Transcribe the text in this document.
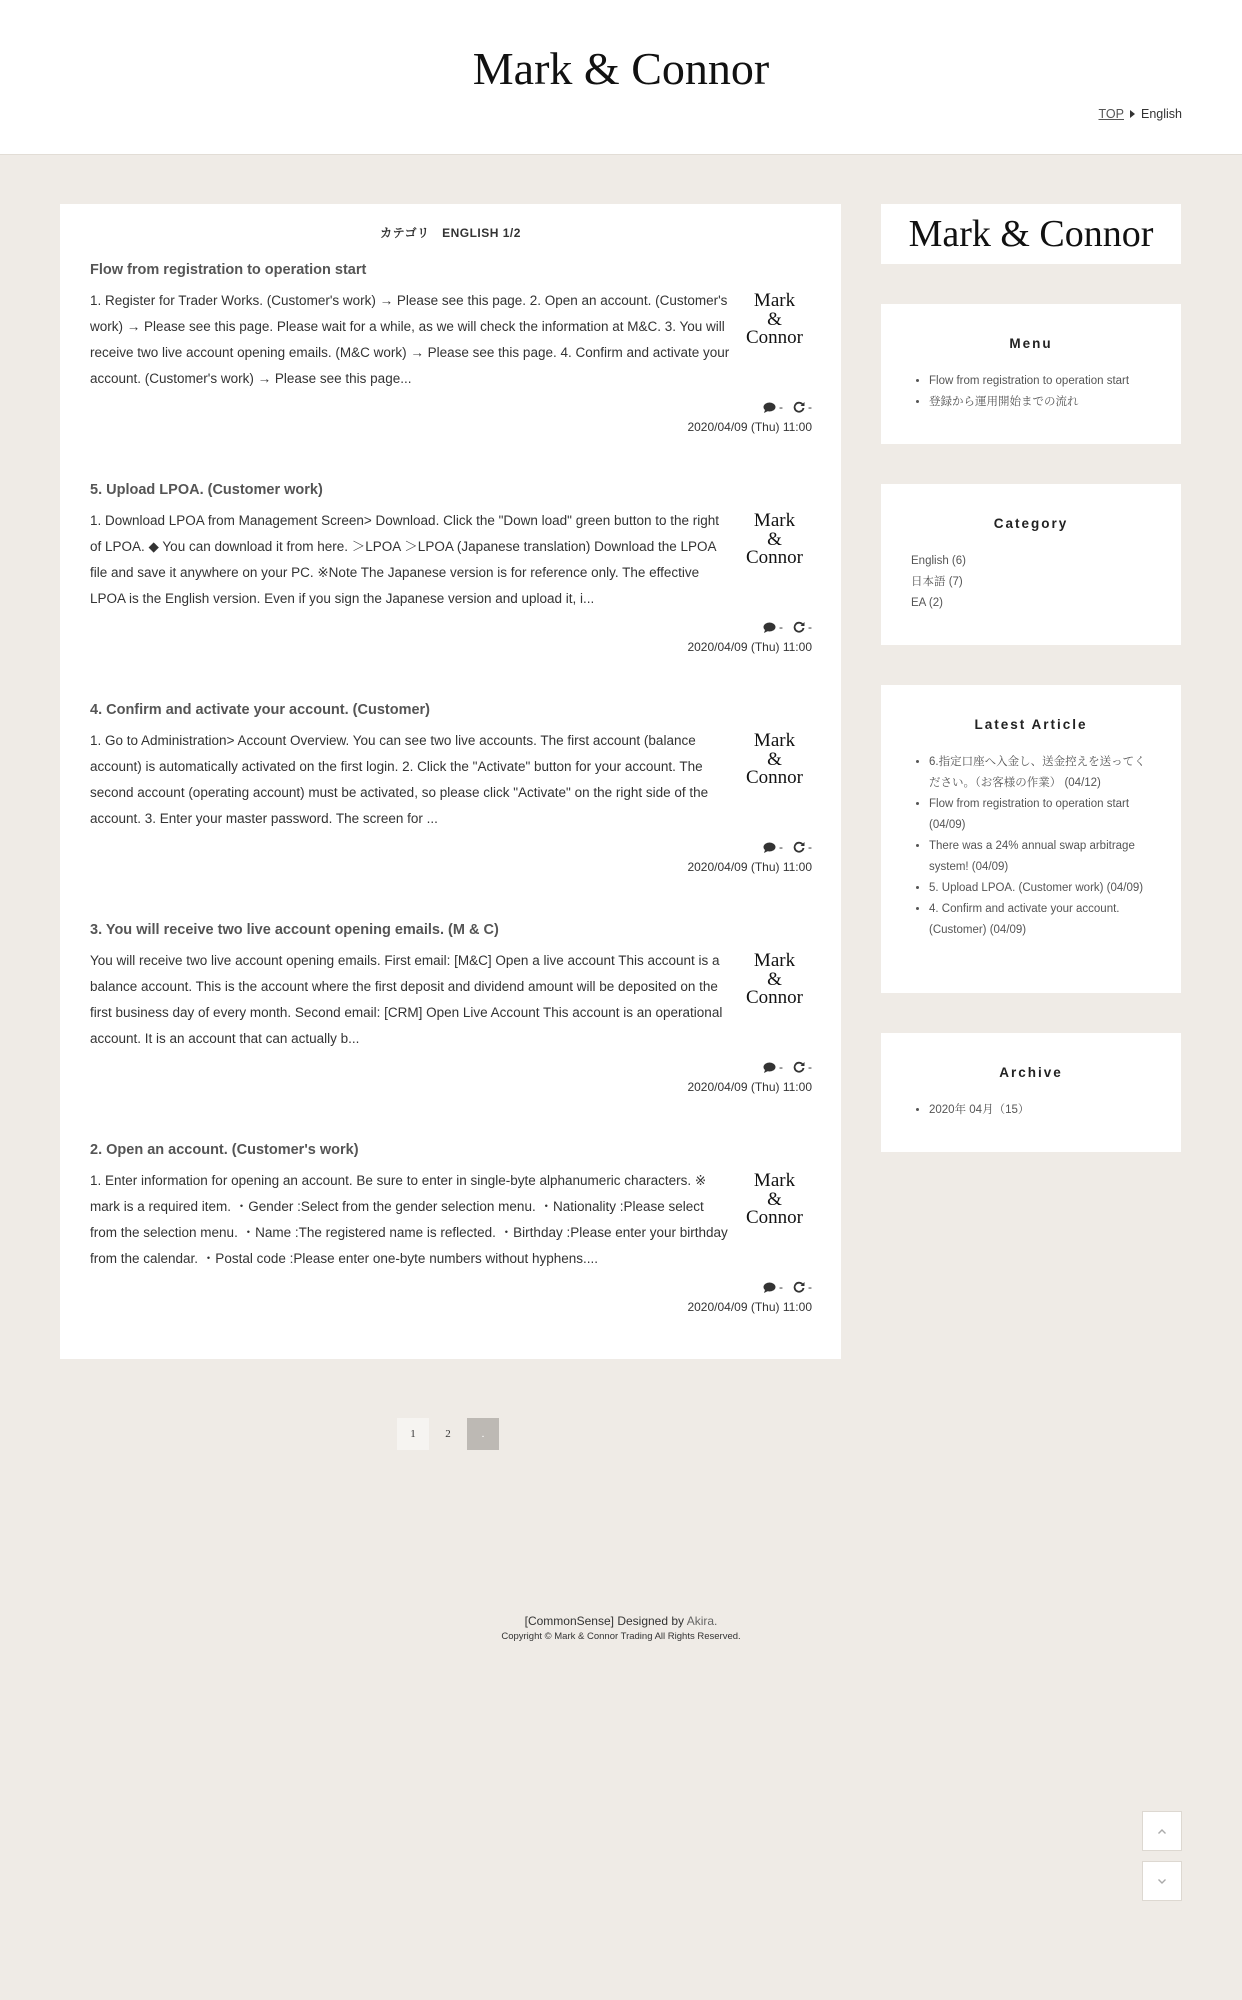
Mark & Connor
TOP English
カテゴリ　ENGLISH 1/2
Flow from registration to operation start

1. Register for Trader Works. (Customer's work) → Please see this page. 2. Open an account. (Customer's work) → Please see this page. Please wait for a while, as we will check the information at M&C. 3. You will receive two live account opening emails. (M&C work) → Please see this page. 4. Confirm and activate your account. (Customer's work) → Please see this page...

Mark
&
Connor
- -
2020/04/09 (Thu) 11:00
5. Upload LPOA. (Customer work)

1. Download LPOA from Management Screen> Download. Click the "Down load" green button to the right of LPOA. ◆ You can download it from here. ＞LPOA ＞LPOA (Japanese translation) Download the LPOA file and save it anywhere on your PC. ※Note The Japanese version is for reference only. The effective LPOA is the English version. Even if you sign the Japanese version and upload it, i...

Mark
&
Connor
- -
2020/04/09 (Thu) 11:00
4. Confirm and activate your account. (Customer)

1. Go to Administration> Account Overview. You can see two live accounts. The first account (balance account) is automatically activated on the first login. 2. Click the "Activate" button for your account. The second account (operating account) must be activated, so please click "Activate" on the right side of the account. 3. Enter your master password. The screen for ...

Mark
&
Connor
- -
2020/04/09 (Thu) 11:00
3. You will receive two live account opening emails. (M & C)

You will receive two live account opening emails. First email: [M&C] Open a live account This account is a balance account. This is the account where the first deposit and dividend amount will be deposited on the first business day of every month. Second email: [CRM] Open Live Account This account is an operational account. It is an account that can actually b...

Mark
&
Connor
- -
2020/04/09 (Thu) 11:00
2. Open an account. (Customer's work)

1. Enter information for opening an account. Be sure to enter in single-byte alphanumeric characters. ※ mark is a required item. ・Gender :Select from the gender selection menu. ・Nationality :Please select from the selection menu. ・Name :The registered name is reflected. ・Birthday :Please enter your birthday from the calendar. ・Postal code :Please enter one-byte numbers without hyphens....

Mark
&
Connor
- -
2020/04/09 (Thu) 11:00
1	2	.
Mark & Connor
Menu
• Flow from registration to operation start
• 登録から運用開始までの流れ
Category
English (6)
日本語 (7)
EA (2)
Latest Article
• 6.指定口座へ入金し、送金控えを送ってください。（お客様の作業） (04/12)
• Flow from registration to operation start (04/09)
• There was a 24% annual swap arbitrage system! (04/09)
• 5. Upload LPOA. (Customer work) (04/09)
• 4. Confirm and activate your account. (Customer) (04/09)
Archive
• 2020年 04月（15）
[CommonSense] Designed by Akira.
Copyright © Mark & Connor Trading All Rights Reserved.
